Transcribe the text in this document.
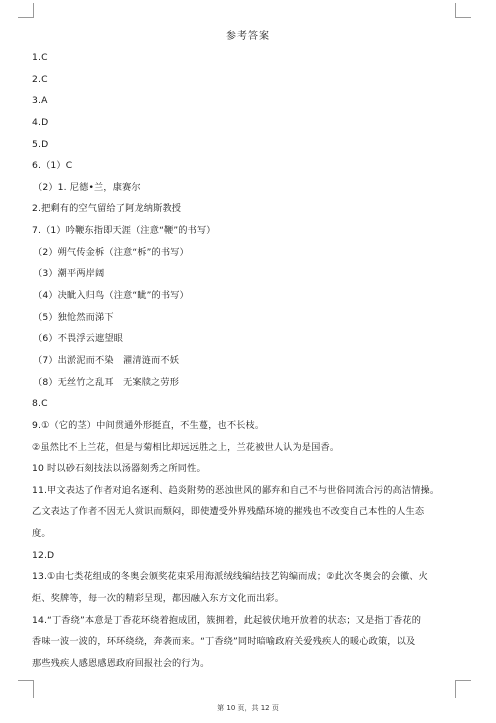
参考答案
1.C
2.C
3.A
4.D
5.D
6.（1）C
（2）1. 尼德•兰，康赛尔
2.把剩有的空气留给了阿龙纳斯教授
7.（1）吟鞭东指即天涯（注意“鞭”的书写）
（2）朔气传金柝（注意“柝”的书写）
（3）潮平两岸阔
（4）决眦入归鸟（注意“眦”的书写）
（5）独怆然而涕下
（6）不畏浮云遮望眼
（7）出淤泥而不染　濯清涟而不妖
（8）无丝竹之乱耳　无案牍之劳形
8.C
9.①（它的茎）中间贯通外形挺直，不生蔓，也不长枝。
②虽然比不上兰花，但是与菊相比却远远胜之上，兰花被世人认为是国香。
10 时以砂石刻技法以汤器刻秀之所同性。
11.甲文表达了作者对追名逐利、趋炎附势的恶浊世风的鄙弃和自己不与世俗同流合污的高洁情操。
乙文表达了作者不因无人赏识而颓闷，即使遭受外界残酷环境的摧残也不改变自己本性的人生态
度。
12.D
13.①由七类花组成的冬奥会颁奖花束采用海派绒线编结技艺钩编而成；②此次冬奥会的会徽、火
炬、奖牌等，每一次的精彩呈现，都因融入东方文化而出彩。
14.“丁香绕”本意是丁香花环绕着抱成团，簇拥着，此起彼伏地开放着的状态；又是指丁香花的
香味一波一波的，环环绕绕，奔袭而来。“丁香绕”同时暗喻政府关爱残疾人的暖心政策，以及
那些残疾人感恩感恩政府回报社会的行为。
第 10 页，共 12 页
